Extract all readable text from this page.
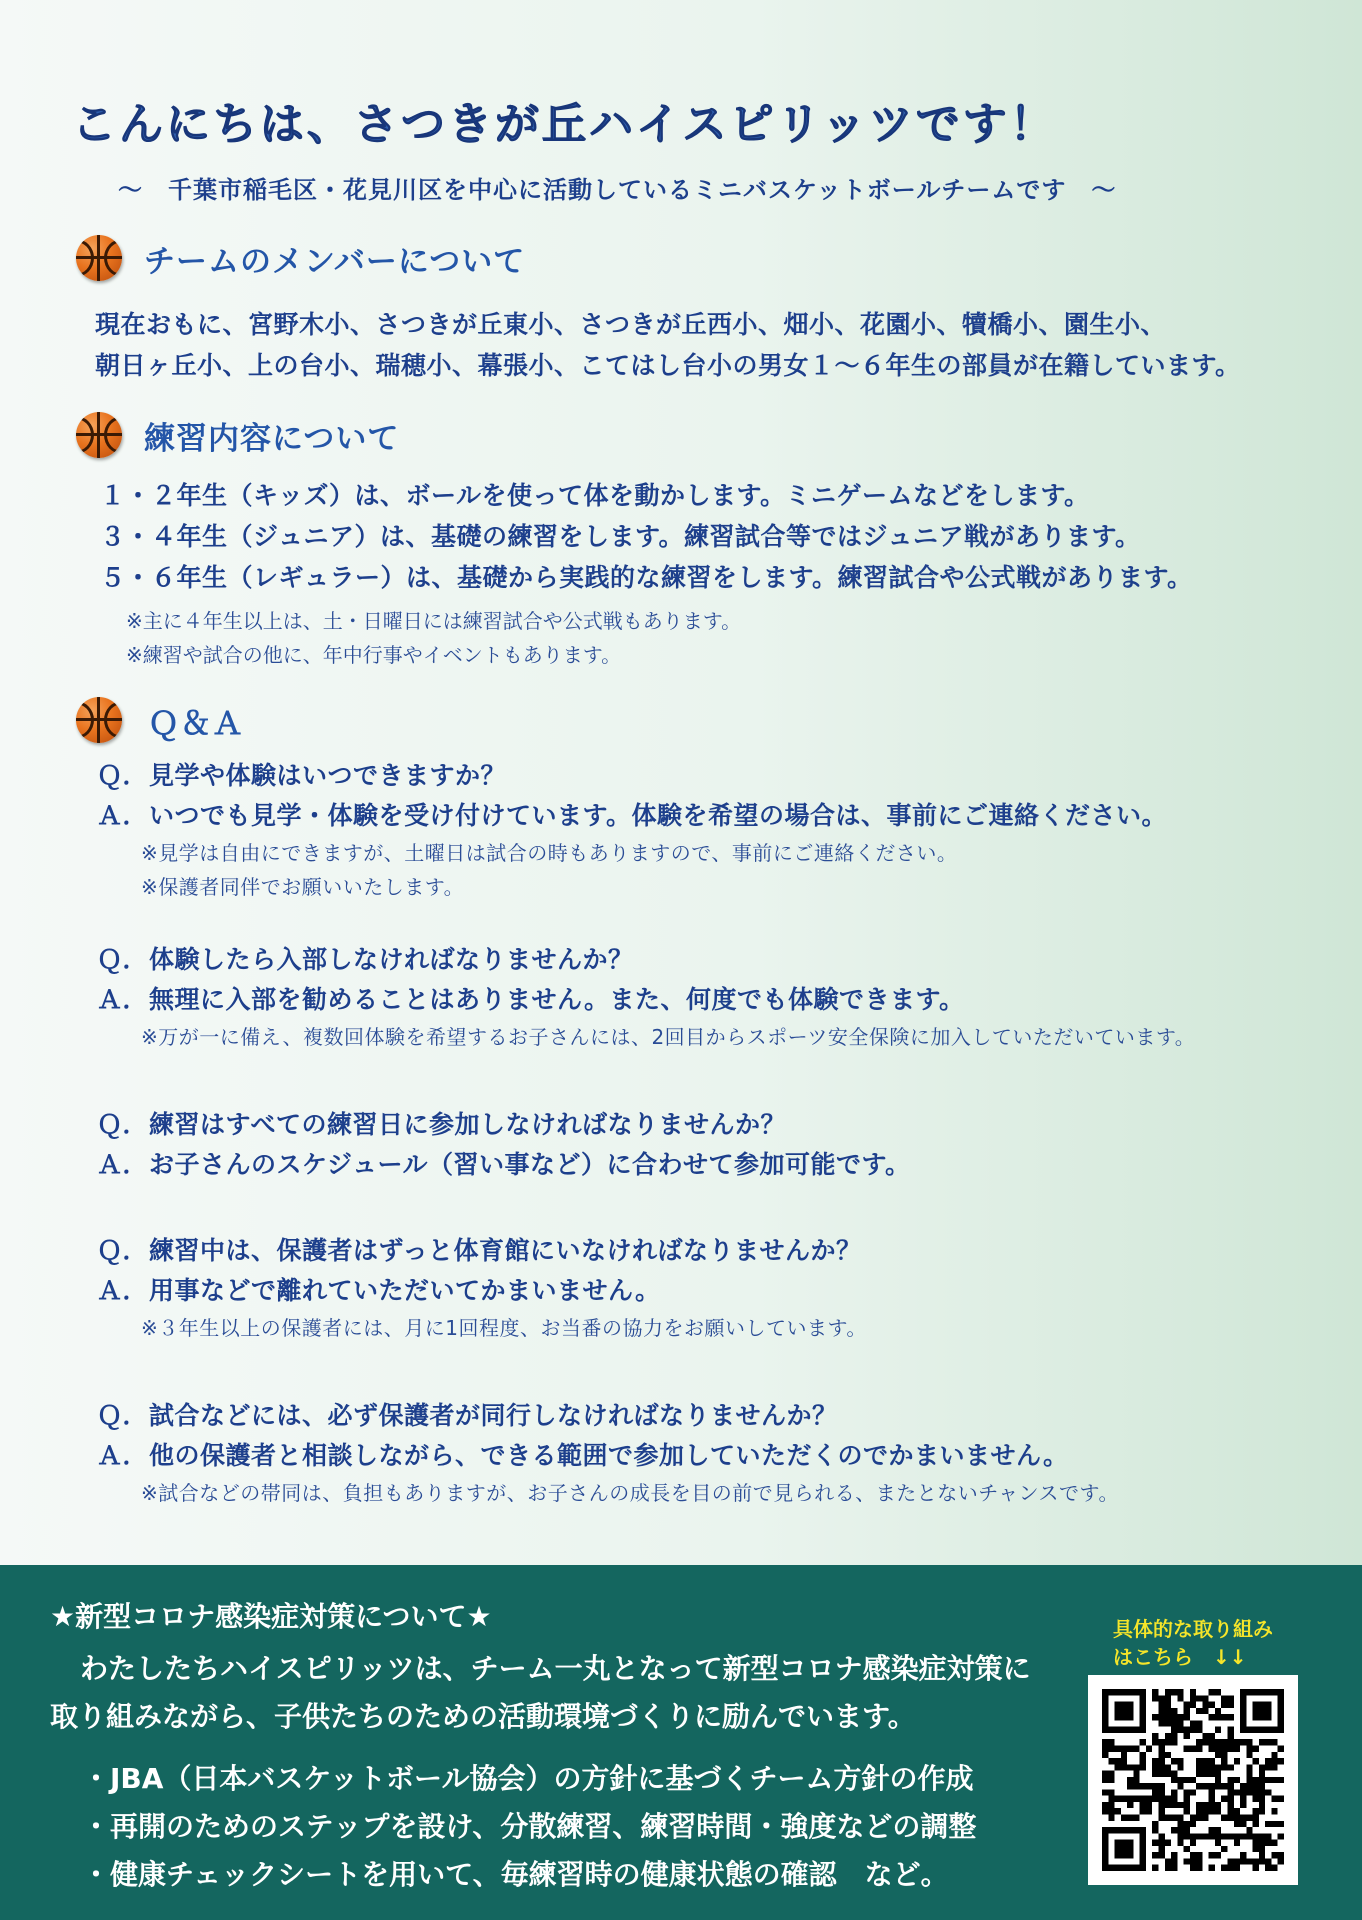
こんにちは、さつきが丘ハイスピリッツです！
～　千葉市稲毛区・花見川区を中心に活動しているミニバスケットボールチームです　～
チームのメンバーについて
現在おもに、宮野木小、さつきが丘東小、さつきが丘西小、畑小、花園小、犢橋小、園生小、
朝日ヶ丘小、上の台小、瑞穂小、幕張小、こてはし台小の男女１～６年生の部員が在籍しています。
練習内容について
１・２年生（キッズ）は、ボールを使って体を動かします。ミニゲームなどをします。
３・４年生（ジュニア）は、基礎の練習をします。練習試合等ではジュニア戦があります。
５・６年生（レギュラー）は、基礎から実践的な練習をします。練習試合や公式戦があります。
※主に４年生以上は、土・日曜日には練習試合や公式戦もあります。
※練習や試合の他に、年中行事やイベントもあります。
Ｑ＆Ａ
Ｑ． 見学や体験はいつできますか？
Ａ． いつでも見学・体験を受け付けています。体験を希望の場合は、事前にご連絡ください。
※見学は自由にできますが、土曜日は試合の時もありますので、事前にご連絡ください。
※保護者同伴でお願いいたします。
Ｑ． 体験したら入部しなければなりませんか？
Ａ． 無理に入部を勧めることはありません。また、何度でも体験できます。
※万が一に備え、複数回体験を希望するお子さんには、2回目からスポーツ安全保険に加入していただいています。
Ｑ． 練習はすべての練習日に参加しなければなりませんか？
Ａ． お子さんのスケジュール（習い事など）に合わせて参加可能です。
Ｑ． 練習中は、保護者はずっと体育館にいなければなりませんか？
Ａ． 用事などで離れていただいてかまいません。
※３年生以上の保護者には、月に1回程度、お当番の協力をお願いしています。
Ｑ． 試合などには、必ず保護者が同行しなければなりませんか？
Ａ． 他の保護者と相談しながら、できる範囲で参加していただくのでかまいません。
※試合などの帯同は、負担もありますが、お子さんの成長を目の前で見られる、またとないチャンスです。
★新型コロナ感染症対策について★
わたしたちハイスピリッツは、チーム一丸となって新型コロナ感染症対策に
取り組みながら、子供たちのための活動環境づくりに励んでいます。
・JBA（日本バスケットボール協会）の方針に基づくチーム方針の作成
・再開のためのステップを設け、分散練習、練習時間・強度などの調整
・健康チェックシートを用いて、毎練習時の健康状態の確認　など。
具体的な取り組み
はこちら　↓↓
